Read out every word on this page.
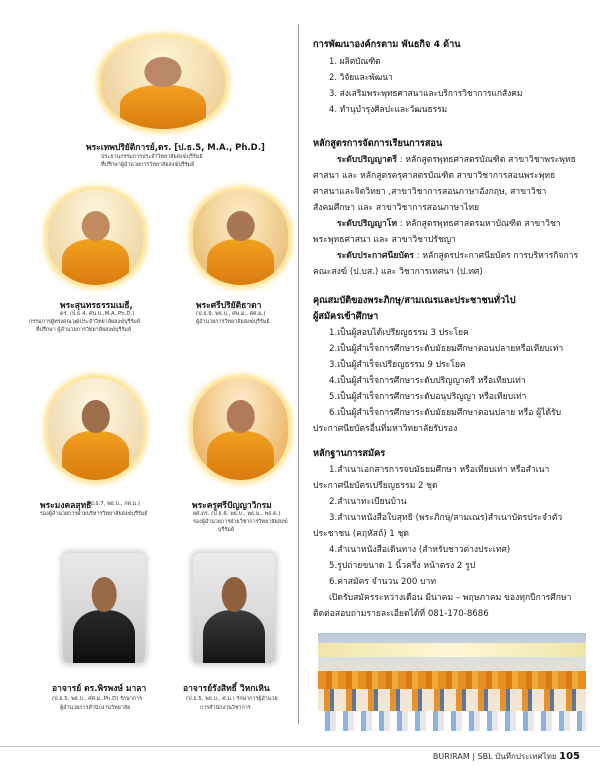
พระเทพปริยัติการย์,ดร. [ป.ธ.5, M.A., Ph.D.]
ประธานกรรมการประจำวิทยาลัยสงฆ์บุรีรัมย์
ที่ปรึกษาผู้อำนวยการวิทยาลัยสงฆ์บุรีรัมย์
พระสุนทรธรรมเมธี,
ดร. (ป.ธ.4, ศน.บ.,M.A.,Ph.D.)
กรรมการผู้ทรงคุณวุฒิประจำวิทยาลัยสงฆ์บุรีรัมย์
ที่ปรึกษา ผู้อำนวยการวิทยาลัยสงฆ์บุรีรัมย์
พระศรีปริยัติธาดา
(ป.ธ.9, พธ.บ., ศษ.ม., ศศ.ม.)
ผู้อำนวยการวิทยาลัยสงฆ์บุรีรัมย์
พระมงคลสุทธิ
(ป.ธ.7, พธ.บ., กศ.ม.)
รองผู้อำนวยการฝ่ายบริหารวิทยาลัยสงฆ์บุรีรัมย์
พระครูศรีปัญญาวิกรม
ผศ.ดร. (ป.ธ.6, พธ.บ., พธ.ม., พธ.ด.)
รองผู้อำนวยการฝ่ายวิชาการวิทยาลัยสงฆ์
บุรีรัมย์
อาจารย์ ดร.พิรพงษ์ มาลา
(ป.ธ.5, พธ.บ., ศศ.ม.,Ph.D) รักษาการ
ผู้อำนวยการสำนักงานวิทยาลัย
อาจารย์รังสิทธิ์ วิหกเหิน
(ป.ธ.5, พธ.บ., ศ.ม.) รักษาการผู้อำนวย
การสำนักงานวิชาการ
การพัฒนาองค์กรตาม พันธกิจ 4 ด้าน
1. ผลิตบัณฑิต
2. วิจัยและพัฒนา
3. ส่งเสริมพระพุทธศาสนาและบริการวิชาการแก่สังคม
4. ทำนุบำรุงศิลปะและวัฒนธรรม
หลักสูตรการจัดการเรียนการสอน
ระดับปริญญาตรี : หลักสูตรพุทธศาสตรบัณฑิต สาขาวิชาพระพุทธ
ศาสนา และ หลักสูตรครุศาสตรบัณฑิต สาขาวิชาการสอนพระพุทธ
ศาสนาและจิตวิทยา ,สาขาวิชาการสอนภาษาอังกฤษ, สาขาวิชา
สังคมศึกษา และ สาขาวิชาการสอนภาษาไทย
ระดับปริญญาโท : หลักสูตรพุทธศาสตรมหาบัณฑิต สาขาวิชา
พระพุทธศาสนา และ สาขาวิชาปรัชญา
ระดับประกาศนียบัตร : หลักสูตรประกาศนียบัตร การบริหารกิจการ
คณะสงฆ์ (ป.บส.) และ วิชาการเทศนา (ป.ทศ)
คุณสมบัติของพระภิกษุ/สามเณรและประชาชนทั่วไป
ผู้สมัครเข้าศึกษา
1.เป็นผู้สอบได้เปรียญธรรม 3 ประโยค
2.เป็นผู้สำเร็จการศึกษาระดับมัธยมศึกษาตอนปลายหรือเทียบเท่า
3.เป็นผู้สำเร็จเปรียญธรรม 9 ประโยค
4.เป็นผู้สำเร็จการศึกษาระดับปริญญาตรี หรือเทียบเท่า
5.เป็นผู้สำเร็จการศึกษาระดับอนุปริญญา หรือเทียบเท่า
6.เป็นผู้สำเร็จการศึกษาระดับมัธยมศึกษาตอนปลาย หรือ ผู้ได้รับ
ประกาศนียบัตรอื่นที่มหาวิทยาลัยรับรอง
หลักฐานการสมัคร
1.สำเนาเอกสารการจบมัธยมศึกษา หรือเทียบเท่า หรือสำเนา
ประกาศนียบัตรเปรียญธรรม 2 ชุด
2.สำเนาทะเบียนบ้าน
3.สำเนาหนังสือใบสุทธิ (พระภิกษุ/สามเณร)สำเนาบัตรประจำตัว
ประชาชน (คฤหัสถ์) 1 ชุด
4.สำเนาหนังสือเดินทาง (สำหรับชาวต่างประเทศ)
5.รูปถ่ายขนาด 1 นิ้วครึ่ง หน้าตรง 2 รูป
6.ค่าสมัคร จำนวน 200 บาท
เปิดรับสมัครระหว่างเดือน มีนาคม – พฤษภาคม ของทุกปีการศึกษา
ติดต่อสอบถามรายละเอียดได้ที่ 081-170-8686
BURIRAM | SBL บันทึกประเทศไทย 105
